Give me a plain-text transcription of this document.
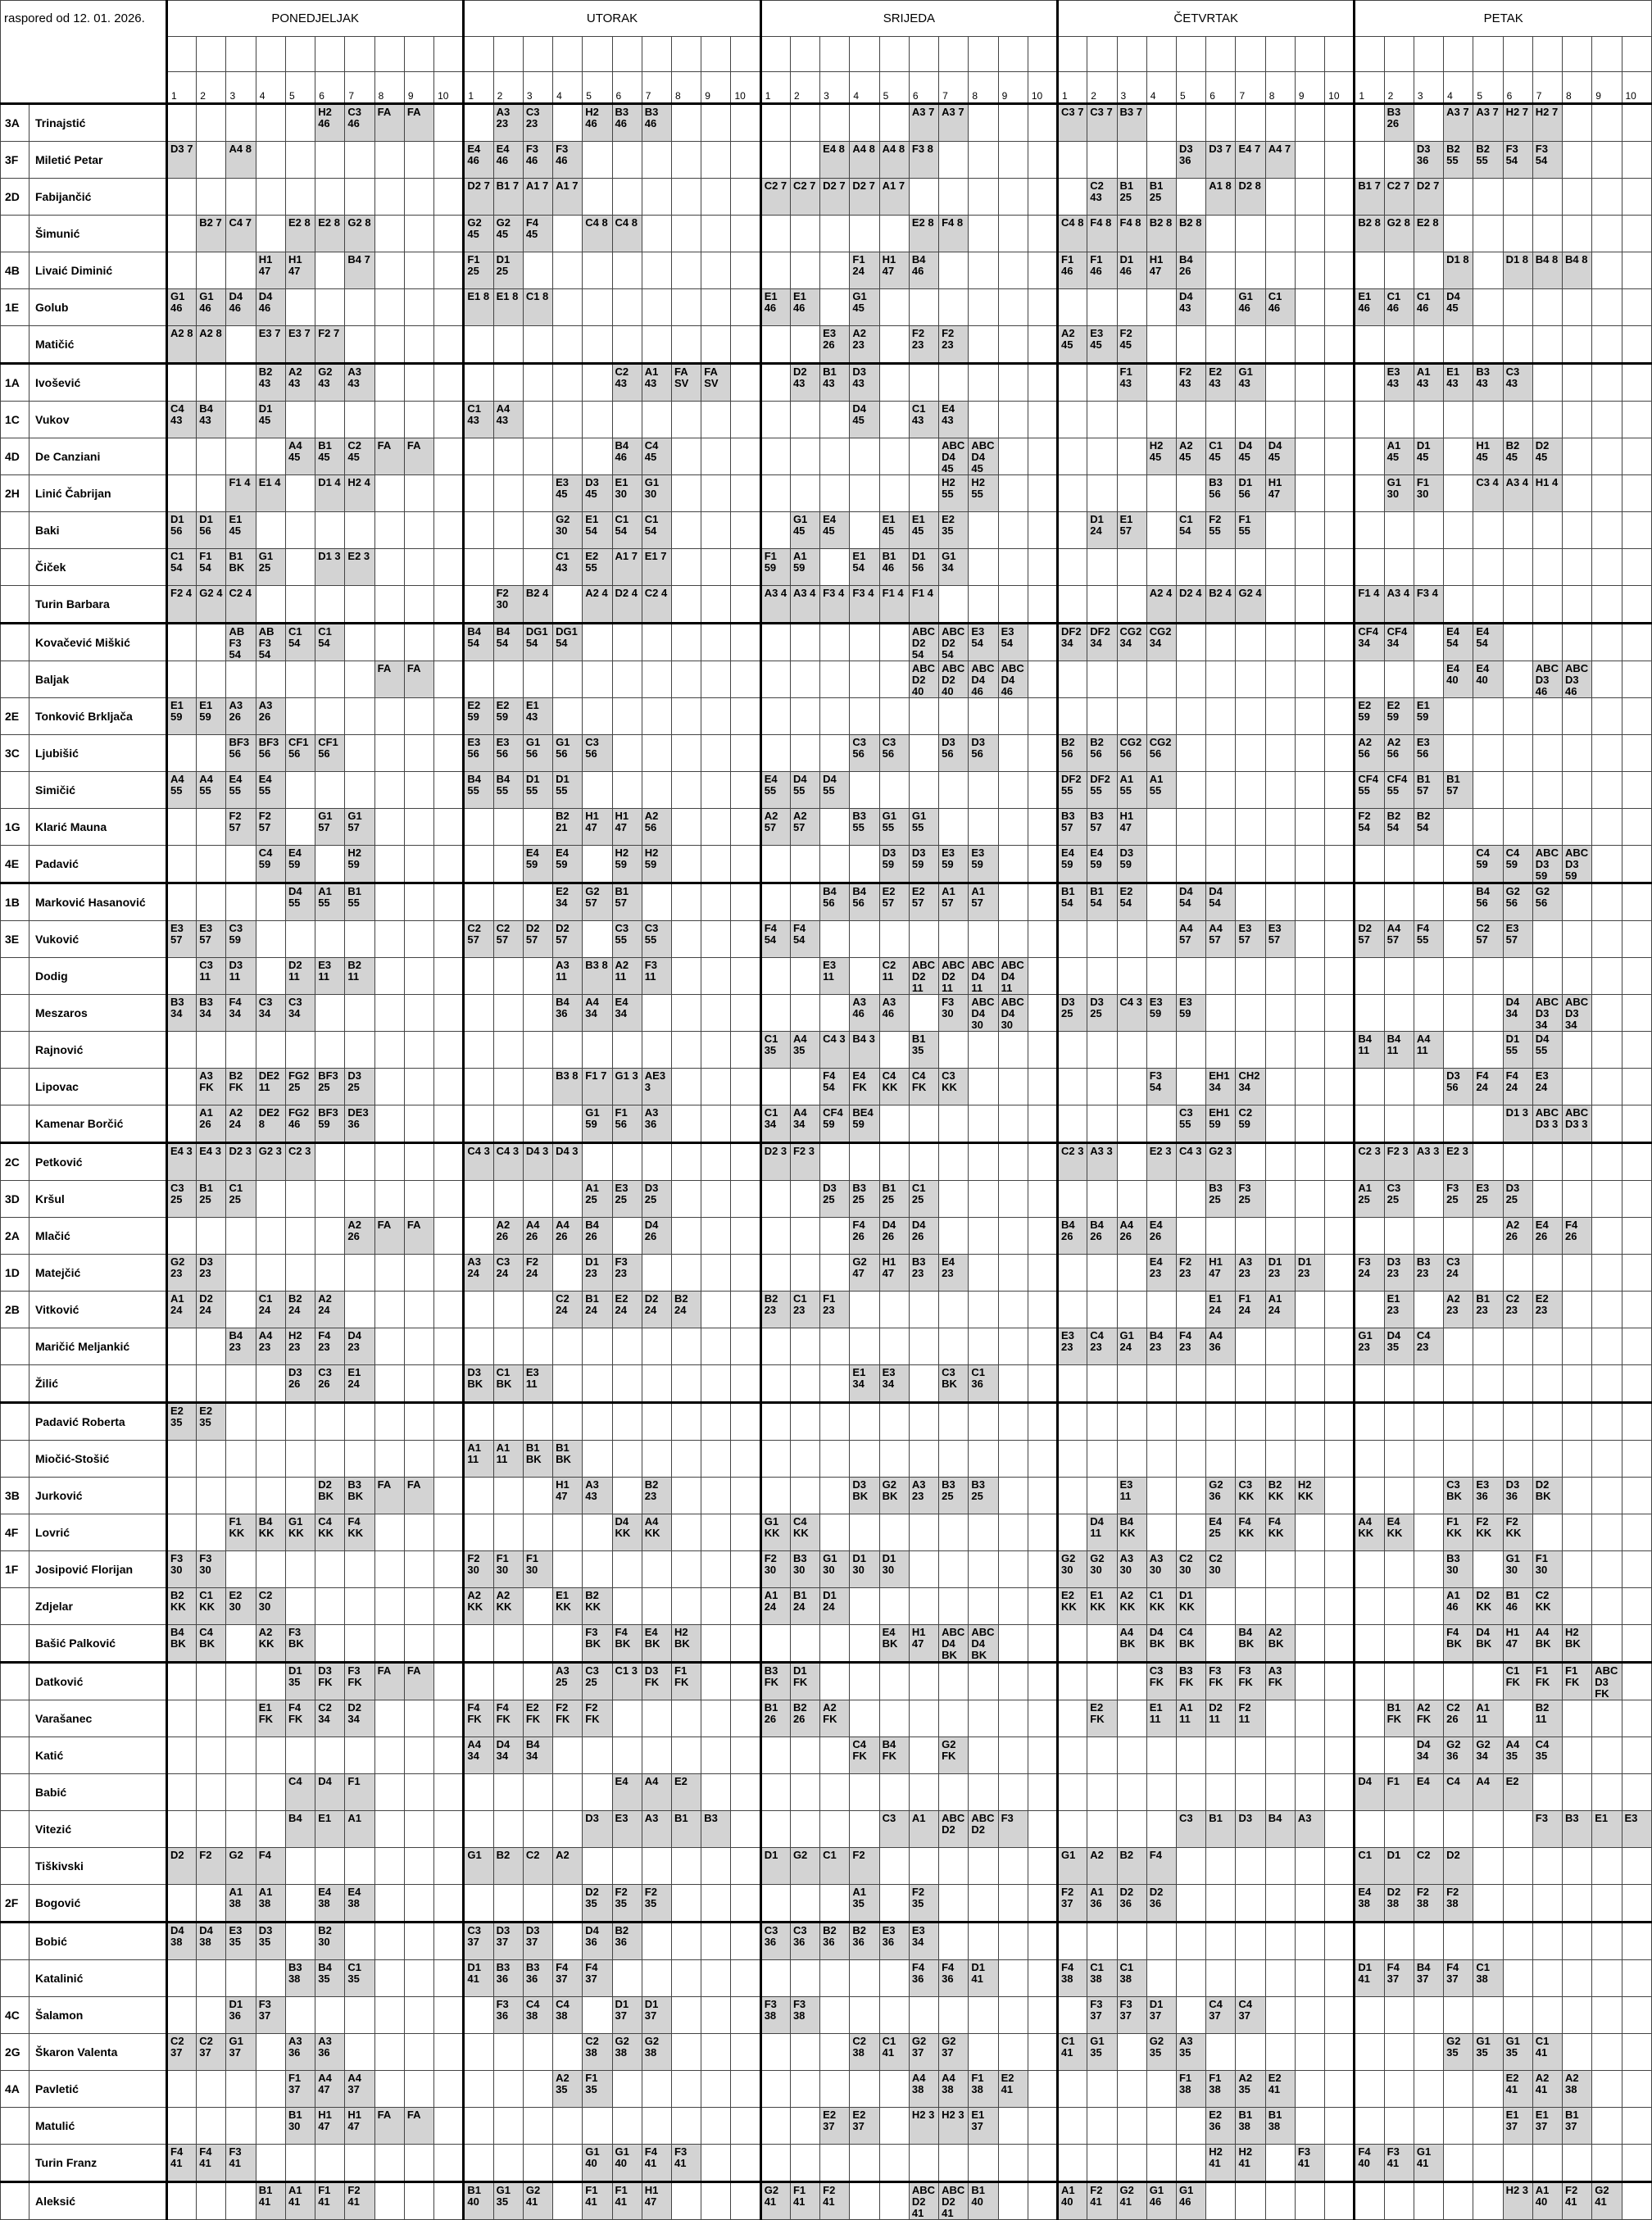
raspored od 12. 01. 2026.		PONEDJELJAK										UTORAK										SRIJEDA										ČETVRTAK										PETAK									

		1	2	3	4	5	6	7	8	9	10	1	2	3	4	5	6	7	8	9	10	1	2	3	4	5	6	7	8	9	10	1	2	3	4	5	6	7	8	9	10	1	2	3	4	5	6	7	8	9	10
3A	Trinajstić						H2 46	C3 46	FA	FA			A3 23	C3 23		H2 46	B3 46	B3 46									A3 7	A3 7				C3 7	C3 7	B3 7									B3 26		A3 7	A3 7	H2 7	H2 7			

3F	Miletić Petar	D3 7		A4 8								E4 46	E4 46	F3 46	F3 46									E4 8	A4 8	A4 8	F3 8									D3 36	D3 7	E4 7	A4 7					D3 36	B2 55	B2 55	F3 54	F3 54			

2D	Fabijančić											D2 7	B1 7	A1 7	A1 7							C2 7	C2 7	D2 7	D2 7	A1 7							C2 43	B1 25	B1 25		A1 8	D2 8				B1 7	C2 7	D2 7							

	Šimunić		B2 7	C4 7		E2 8	E2 8	G2 8				G2 45	G2 45	F4 45		C4 8	C4 8										E2 8	F4 8				C4 8	F4 8	F4 8	B2 8	B2 8						B2 8	G2 8	E2 8							

4B	Livaić Diminić				H1 47	H1 47		B4 7				F1 25	D1 25												F1 24	H1 47	B4 46					F1 46	F1 46	D1 46	H1 47	B4 26									D1 8		D1 8	B4 8	B4 8		

1E	Golub	G1 46	G1 46	D4 46	D4 46							E1 8	E1 8	C1 8								E1 46	E1 46		G1 45											D4 43		G1 46	C1 46			E1 46	C1 46	C1 46	D4 45						

	Matičić	A2 8	A2 8		E3 7	E3 7	F2 7																	E3 26	A2 23		F2 23	F2 23				A2 45	E3 45	F2 45																	

1A	Ivošević				B2 43	A2 43	G2 43	A3 43									C2 43	A1 43	FA SV	FA SV			D2 43	B1 43	D3 43									F1 43		F2 43	E2 43	G1 43					E3 43	A1 43	E1 43	B3 43	C3 43				

1C	Vukov	C4 43	B4 43		D1 45							C1 43	A4 43												D4 45		C1 43	E4 43																							

4D	De Canziani					A4 45	B1 45	C2 45	FA	FA							B4 46	C4 45										ABC D4 45	ABC D4 45						H2 45	A2 45	C1 45	D4 45	D4 45				A1 45	D1 45		H1 45	B2 45	D2 45			

2H	Linić Čabrijan			F1 4	E1 4		D1 4	H2 4							E3 45	D3 45	E1 30	G1 30										H2 55	H2 55								B3 56	D1 56	H1 47				G1 30	F1 30		C3 4	A3 4	H1 4			

	Baki	D1 56	D1 56	E1 45											G2 30	E1 54	C1 54	C1 54					G1 45	E4 45		E1 45	E1 45	E2 35					D1 24	E1 57		C1 54	F2 55	F1 55													

	Čiček	C1 54	F1 54	B1 BK	G1 25		D1 3	E2 3							C1 43	E2 55	A1 7	E1 7				F1 59	A1 59		E1 54	B1 46	D1 56	G1 34																							

	Turin Barbara	F2 4	G2 4	C2 4									F2 30	B2 4		A2 4	D2 4	C2 4				A3 4	A3 4	F3 4	F3 4	F1 4	F1 4								A2 4	D2 4	B2 4	G2 4				F1 4	A3 4	F3 4							

	Kovačević Miškić			AB F3 54	AB F3 54	C1 54	C1 54					B4 54	B4 54	DG1 54	DG1 54												ABC D2 54	ABC D2 54	E3 54	E3 54		DF2 34	DF2 34	CG2 34	CG2 34							CF4 34	CF4 34		E4 54	E4 54					

	Baljak								FA	FA																	ABC D2 40	ABC D2 40	ABC D4 46	ABC D4 46															E4 40	E4 40		ABC D3 46	ABC D3 46		

2E	Tonković Brkljača	E1 59	E1 59	A3 26	A3 26							E2 59	E2 59	E1 43																												E2 59	E2 59	E1 59							

3C	Ljubišić			BF3 56	BF3 56	CF1 56	CF1 56					E3 56	E3 56	G1 56	G1 56	C3 56									C3 56	C3 56		D3 56	D3 56			B2 56	B2 56	CG2 56	CG2 56							A2 56	A2 56	E3 56							

	Simičić	A4 55	A4 55	E4 55	E4 55							B4 55	B4 55	D1 55	D1 55							E4 55	D4 55	D4 55								DF2 55	DF2 55	A1 55	A1 55							CF4 55	CF4 55	B1 57	B1 57						

1G	Klarić Mauna			F2 57	F2 57		G1 57	G1 57							B2 21	H1 47	H1 47	A2 56				A2 57	A2 57		B3 55	G1 55	G1 55					B3 57	B3 57	H1 47								F2 54	B2 54	B2 54							

4E	Padavić				C4 59	E4 59		H2 59						E4 59	E4 59		H2 59	H2 59								D3 59	D3 59	E3 59	E3 59			E4 59	E4 59	D3 59												C4 59	C4 59	ABC D3 59	ABC D3 59		

1B	Marković Hasanović					D4 55	A1 55	B1 55							E2 34	G2 57	B1 57							B4 56	B4 56	E2 57	E2 57	A1 57	A1 57			B1 54	B1 54	E2 54		D4 54	D4 54									B4 56	G2 56	G2 56			

3E	Vuković	E3 57	E3 57	C3 59								C2 57	C2 57	D2 57	D2 57		C3 55	C3 55				F4 54	F4 54													A4 57	A4 57	E3 57	E3 57			D2 57	A4 57	F4 55		C2 57	E3 57				

	Dodig		C3 11	D3 11		D2 11	E3 11	B2 11							A3 11	B3 8	A2 11	F3 11						E3 11		C2 11	ABC D2 11	ABC D2 11	ABC D4 11	ABC D4 11																					

	Meszaros	B3 34	B3 34	F4 34	C3 34	C3 34									B4 36	A4 34	E4 34								A3 46	A3 46		F3 30	ABC D4 30	ABC D4 30		D3 25	D3 25	C4 3	E3 59	E3 59											D4 34	ABC D3 34	ABC D3 34		

	Rajnović																					C1 35	A4 35	C4 3	B4 3		B1 35															B4 11	B4 11	A4 11			D1 55	D4 55			

	Lipovac		A3 FK	B2 FK	DE2 11	FG2 25	BF3 25	D3 25							B3 8	F1 7	G1 3	AE3 3						F4 54	E4 FK	C4 KK	C4 FK	C3 KK							F3 54		EH1 34	CH2 34							D3 56	F4 24	F4 24	E3 24			

	Kamenar Borčić		A1 26	A2 24	DE2 8	FG2 46	BF3 59	DE3 36								G1 59	F1 56	A3 36				C1 34	A4 34	CF4 59	BE4 59											C3 55	EH1 59	C2 59									D1 3	ABC D3 3	ABC D3 3		

2C	Petković	E4 3	E4 3	D2 3	G2 3	C2 3						C4 3	C4 3	D4 3	D4 3							D2 3	F2 3									C2 3	A3 3		E2 3	C4 3	G2 3					C2 3	F2 3	A3 3	E2 3						

3D	Kršul	C3 25	B1 25	C1 25												A1 25	E3 25	D3 25						D3 25	B3 25	B1 25	C1 25										B3 25	F3 25				A1 25	C3 25		F3 25	E3 25	D3 25				

2A	Mlačić							A2 26	FA	FA			A2 26	A4 26	A4 26	B4 26		D4 26							F4 26	D4 26	D4 26					B4 26	B4 26	A4 26	E4 26												A2 26	E4 26	F4 26		

1D	Matejčić	G2 23	D3 23									A3 24	C3 24	F2 24		D1 23	F3 23								G2 47	H1 47	B3 23	E4 23							E4 23	F2 23	H1 47	A3 23	D1 23	D1 23		F3 24	D3 23	B3 23	C3 24						

2B	Vitković	A1 24	D2 24		C1 24	B2 24	A2 24								C2 24	B1 24	E2 24	D2 24	B2 24			B2 23	C1 23	F1 23													E1 24	F1 24	A1 24				E1 23		A2 23	B1 23	C2 23	E2 23			

	Maričić Meljankić			B4 23	A4 23	H2 23	F4 23	D4 23																								E3 23	C4 23	G1 24	B4 23	F4 23	A4 36					G1 23	D4 35	C4 23							

	Žilić					D3 26	C3 26	E1 24				D3 BK	C1 BK	E3 11											E1 34	E3 34		C3 BK	C1 36																						

	Padavić Roberta	E2 35	E2 35																																																

	Miočić-Stošić											A1 11	A1 11	B1 BK	B1 BK																																				

3B	Jurković						D2 BK	B3 BK	FA	FA					H1 47	A3 43		B2 23							D3 BK	G2 BK	A3 23	B3 25	B3 25					E3 11			G2 36	C3 KK	B2 KK	H2 KK					C3 BK	E3 36	D3 36	D2 BK			

4F	Lovrić			F1 KK	B4 KK	G1 KK	C4 KK	F4 KK									D4 KK	A4 KK				G1 KK	C4 KK										D4 11	B4 KK			E4 25	F4 KK	F4 KK			A4 KK	E4 KK		F1 KK	F2 KK	F2 KK				

1F	Josipović Florijan	F3 30	F3 30									F2 30	F1 30	F1 30								F2 30	B3 30	G1 30	D1 30	D1 30						G2 30	G2 30	A3 30	A3 30	C2 30	C2 30								B3 30		G1 30	F1 30			

	Zdjelar	B2 KK	C1 KK	E2 30	C2 30							A2 KK	A2 KK		E1 KK	B2 KK						A1 24	B1 24	D1 24								E2 KK	E1 KK	A2 KK	C1 KK	D1 KK									A1 46	D2 KK	B1 46	C2 KK			

	Bašić Palković	B4 BK	C4 BK		A2 KK	F3 BK										F3 BK	F4 BK	E4 BK	H2 BK							E4 BK	H1 47	ABC D4 BK	ABC D4 BK					A4 BK	D4 BK	C4 BK		B4 BK	A2 BK						F4 BK	D4 BK	H1 47	A4 BK	H2 BK		

	Datković					D1 35	D3 FK	F3 FK	FA	FA					A3 25	C3 25	C1 3	D3 FK	F1 FK			B3 FK	D1 FK												C3 FK	B3 FK	F3 FK	F3 FK	A3 FK								C1 FK	F1 FK	F1 FK	ABC D3 FK	

	Varašanec				E1 FK	F4 FK	C2 34	D2 34				F4 FK	F4 FK	E2 FK	F2 FK	F2 FK						B1 26	B2 26	A2 FK									E2 FK		E1 11	A1 11	D2 11	F2 11					B1 FK	A2 FK	C2 26	A1 11		B2 11			

	Katić											A4 34	D4 34	B4 34											C4 FK	B4 FK		G2 FK																D4 34	G2 36	G2 34	A4 35	C4 35			

	Babić					C4	D4	F1									E4	A4	E2																							D4	F1	E4	C4	A4	E2				

	Vitezić					B4	E1	A1								D3	E3	A3	B1	B3						C3	A1	ABC D2	ABC D2	F3						C3	B1	D3	B4	A3								F3	B3	E1	E3

	Tiškivski	D2	F2	G2	F4							G1	B2	C2	A2							D1	G2	C1	F2							G1	A2	B2	F4							C1	D1	C2	D2						

2F	Bogović			A1 38	A1 38		E4 38	E4 38								D2 35	F2 35	F2 35							A1 35		F2 35					F2 37	A1 36	D2 36	D2 36							E4 38	D2 38	F2 38	F2 38						

	Bobić	D4 38	D4 38	E3 35	D3 35		B2 30					C3 37	D3 37	D3 37		D4 36	B2 36					C3 36	C3 36	B2 36	B2 36	E3 36	E3 34																								

	Katalinić					B3 38	B4 35	C1 35				D1 41	B3 36	B3 36	F4 37	F4 37											F4 36	F4 36	D1 41			F4 38	C1 38	C1 38								D1 41	F4 37	B4 37	F4 37	C1 38					

4C	Šalamon			D1 36	F3 37								F3 36	C4 38	C4 38		D1 37	D1 37				F3 38	F3 38										F3 37	F3 37	D1 37		C4 37	C4 37													

2G	Škaron Valenta	C2 37	C2 37	G1 37		A3 36	A3 36									C2 38	G2 38	G2 38							C2 38	C1 41	G2 37	G2 37				C1 41	G1 35		G2 35	A3 35									G2 35	G1 35	G1 35	C1 41			

4A	Pavletić					F1 37	A4 47	A4 37							A2 35	F1 35											A4 38	A4 38	F1 38	E2 41						F1 38	F1 38	A2 35	E2 41								E2 41	A2 41	A2 38		

	Matulić					B1 30	H1 47	H1 47	FA	FA														E2 37	E2 37		H2 3	H2 3	E1 37								E2 36	B1 38	B1 38								E1 37	E1 37	B1 37		

	Turin Franz	F4 41	F4 41	F3 41												G1 40	G1 40	F4 41	F3 41																		H2 41	H2 41		F3 41		F4 40	F3 41	G1 41							

	Aleksić				B1 41	A1 41	F1 41	F2 41				B1 40	G1 35	G2 41		F1 41	F1 41	H1 47				G2 41	F1 41	F2 41			ABC D2 41	ABC D2 41	B1 40			A1 40	F2 41	G2 41	G1 46	G1 46											H2 3	A1 40	F2 41	G2 41	
